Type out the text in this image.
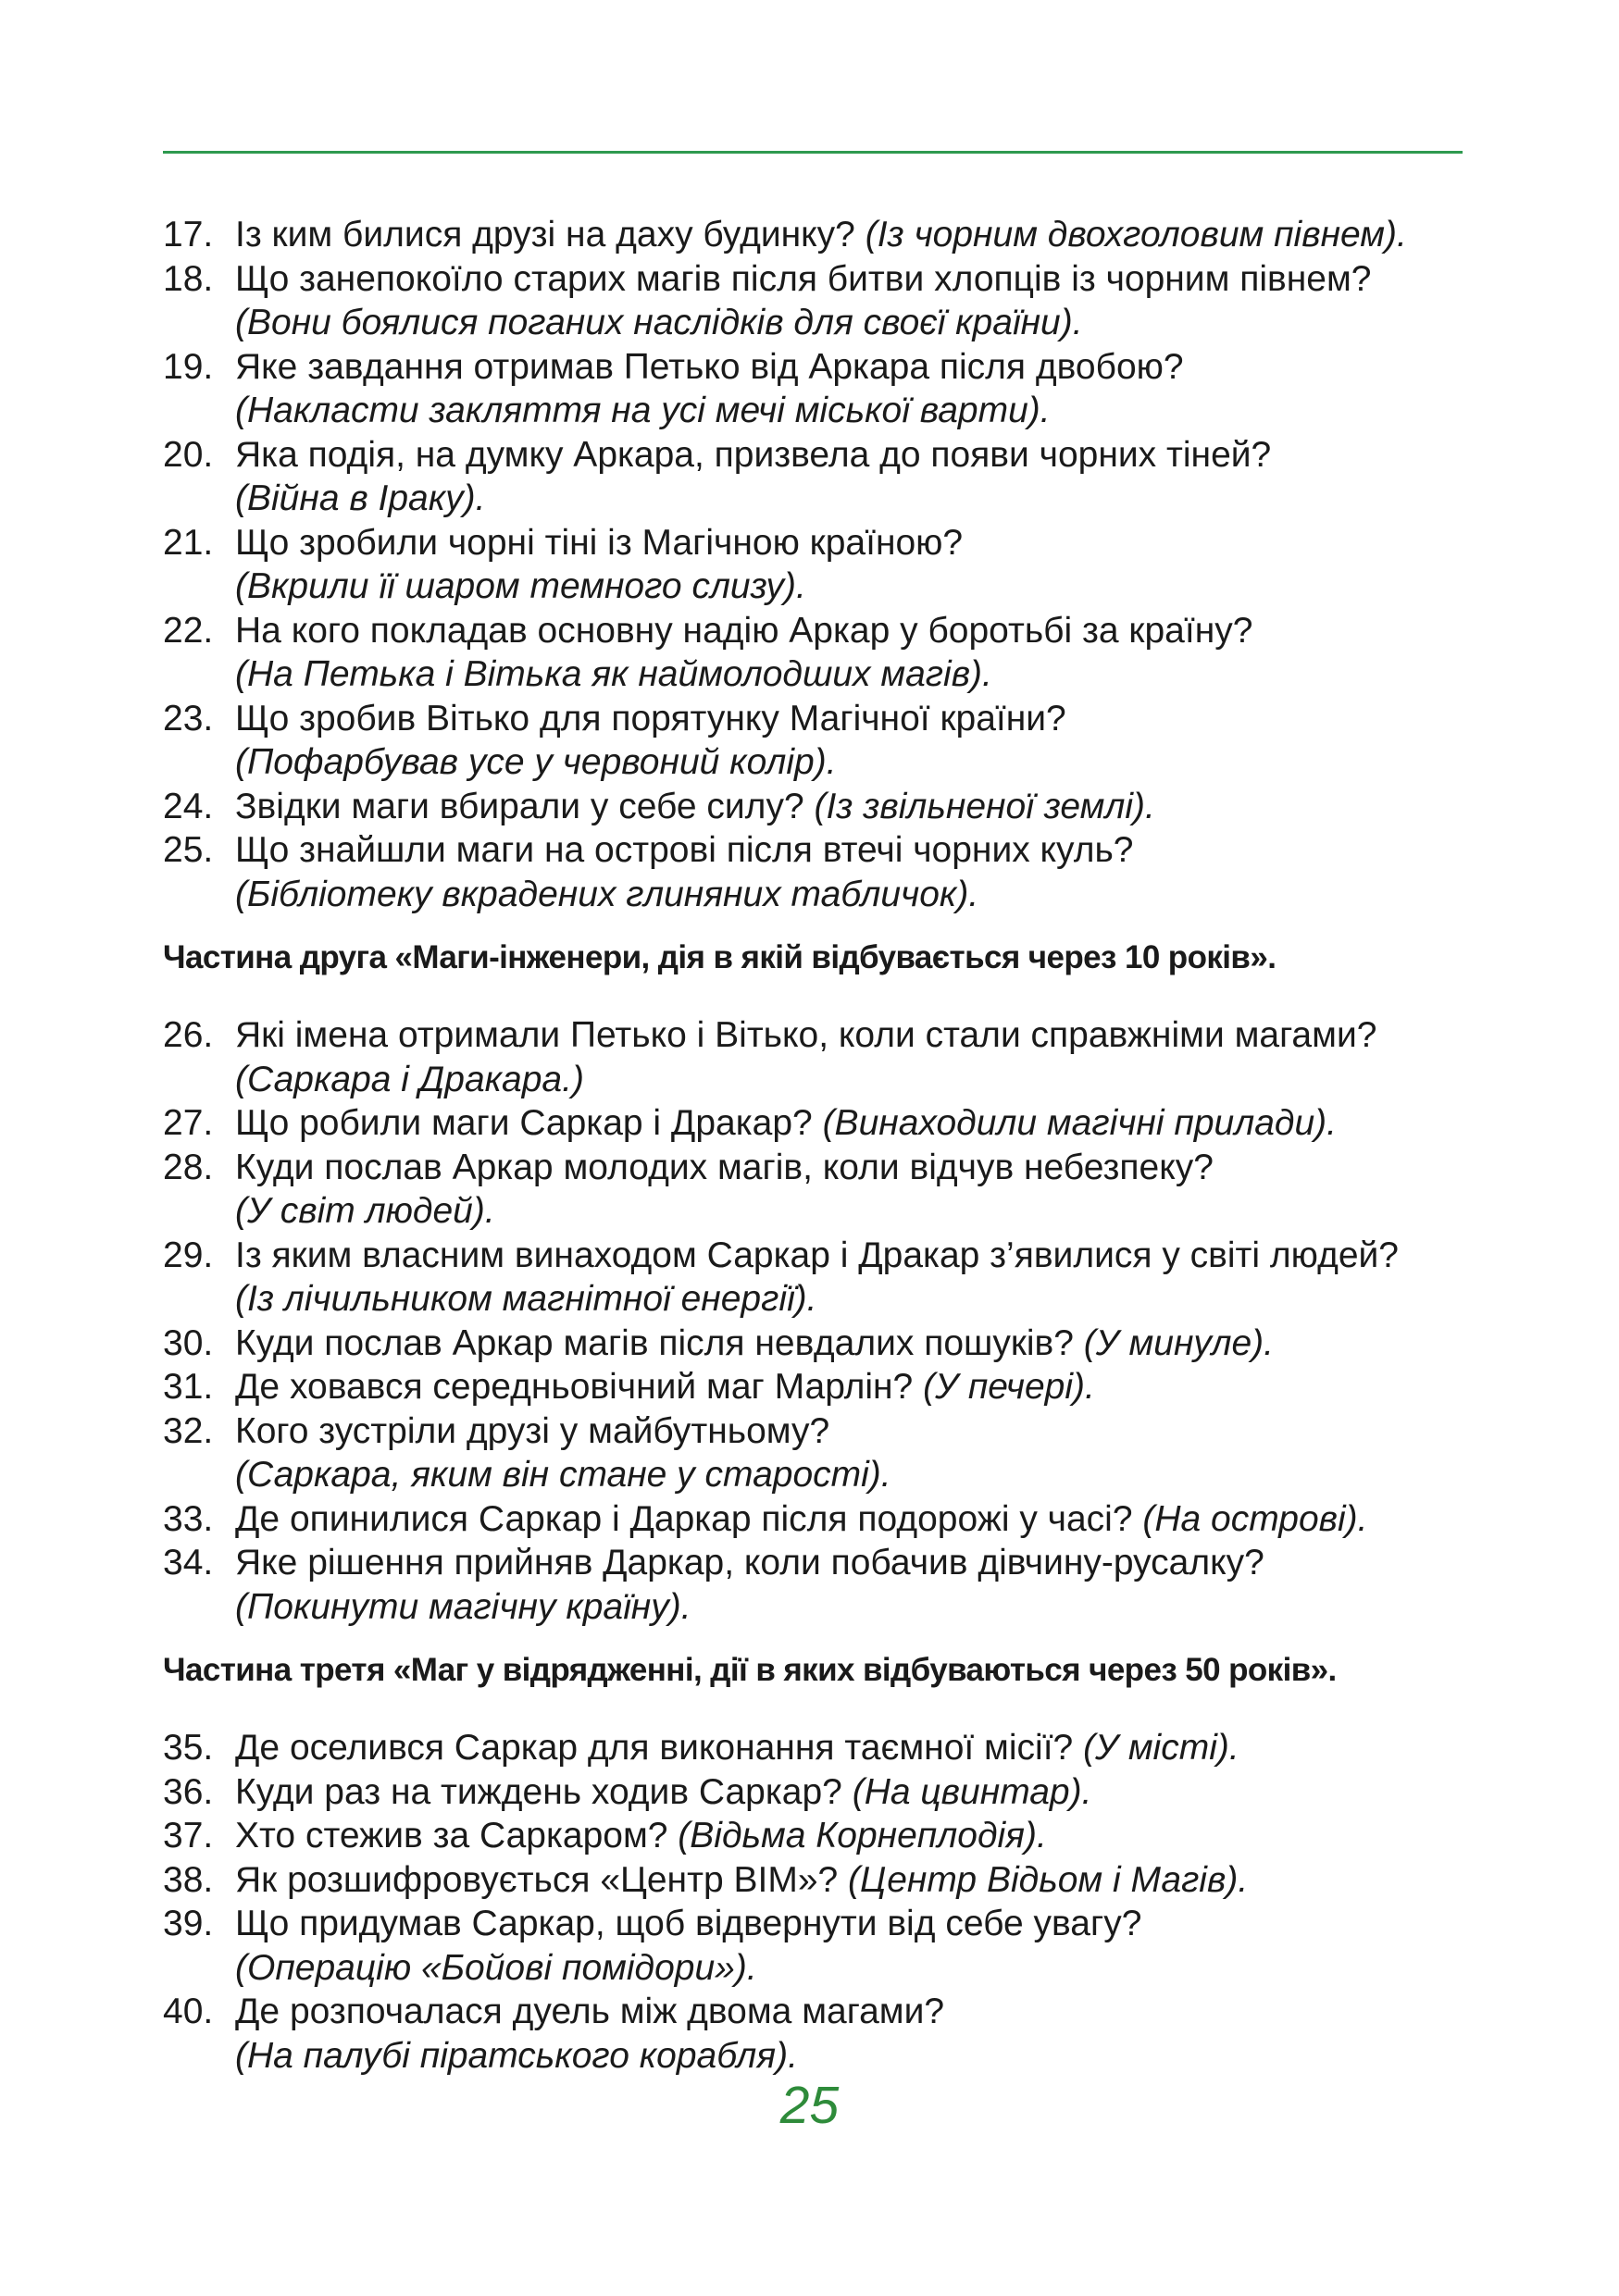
17. Із ким билися друзі на даху будинку? (Із чорним двохголовим півнем).
18. Що занепокоїло старих магів після битви хлопців із чорним півнем?
(Вони боялися поганих наслідків для своєї країни).
19. Яке завдання отримав Петько від Аркара після двобою?
(Накласти закляття на усі мечі міської варти).
20. Яка подія, на думку Аркара, призвела до появи чорних тіней?
(Війна в Іраку).
21. Що зробили чорні тіні із Магічною країною?
(Вкрили її шаром темного слизу).
22. На кого покладав основну надію Аркар у боротьбі за країну?
(На Петька і Вітька як наймолодших магів).
23. Що зробив Вітько для порятунку Магічної країни?
(Пофарбував усе у червоний колір).
24. Звідки маги вбирали у себе силу? (Із звільненої землі).
25. Що знайшли маги на острові після втечі чорних куль?
(Бібліотеку вкрадених глиняних табличок).
Частина друга «Маги-інженери, дія в якій відбувається через 10 років».
26. Які імена отримали Петько і Вітько, коли стали справжніми магами?
(Саркара і Дракара.)
27. Що робили маги Саркар і Дракар? (Винаходили магічні прилади).
28. Куди послав Аркар молодих магів, коли відчув небезпеку?
(У світ людей).
29. Із яким власним винаходом Саркар і Дракар з’явилися у світі людей?
(Із лічильником магнітної енергії).
30. Куди послав Аркар магів після невдалих пошуків? (У минуле).
31. Де ховався середньовічний маг Марлін? (У печері).
32. Кого зустріли друзі у майбутньому?
(Саркара, яким він стане у старості).
33. Де опинилися Саркар і Даркар після подорожі у часі? (На острові).
34. Яке рішення прийняв Даркар, коли побачив дівчину-русалку?
(Покинути магічну країну).
Частина третя «Маг у відрядженні, дії в яких відбуваються через 50 років».
35. Де оселився Саркар для виконання таємної місії? (У місті).
36. Куди раз на тиждень ходив Саркар? (На цвинтар).
37. Хто стежив за Саркаром? (Відьма Корнеплодія).
38. Як розшифровується «Центр ВІМ»? (Центр Відьом і Магів).
39. Що придумав Саркар, щоб відвернути від себе увагу?
(Операцію «Бойові помідори»).
40. Де розпочалася дуель між двома магами?
(На палубі піратського корабля).
25
